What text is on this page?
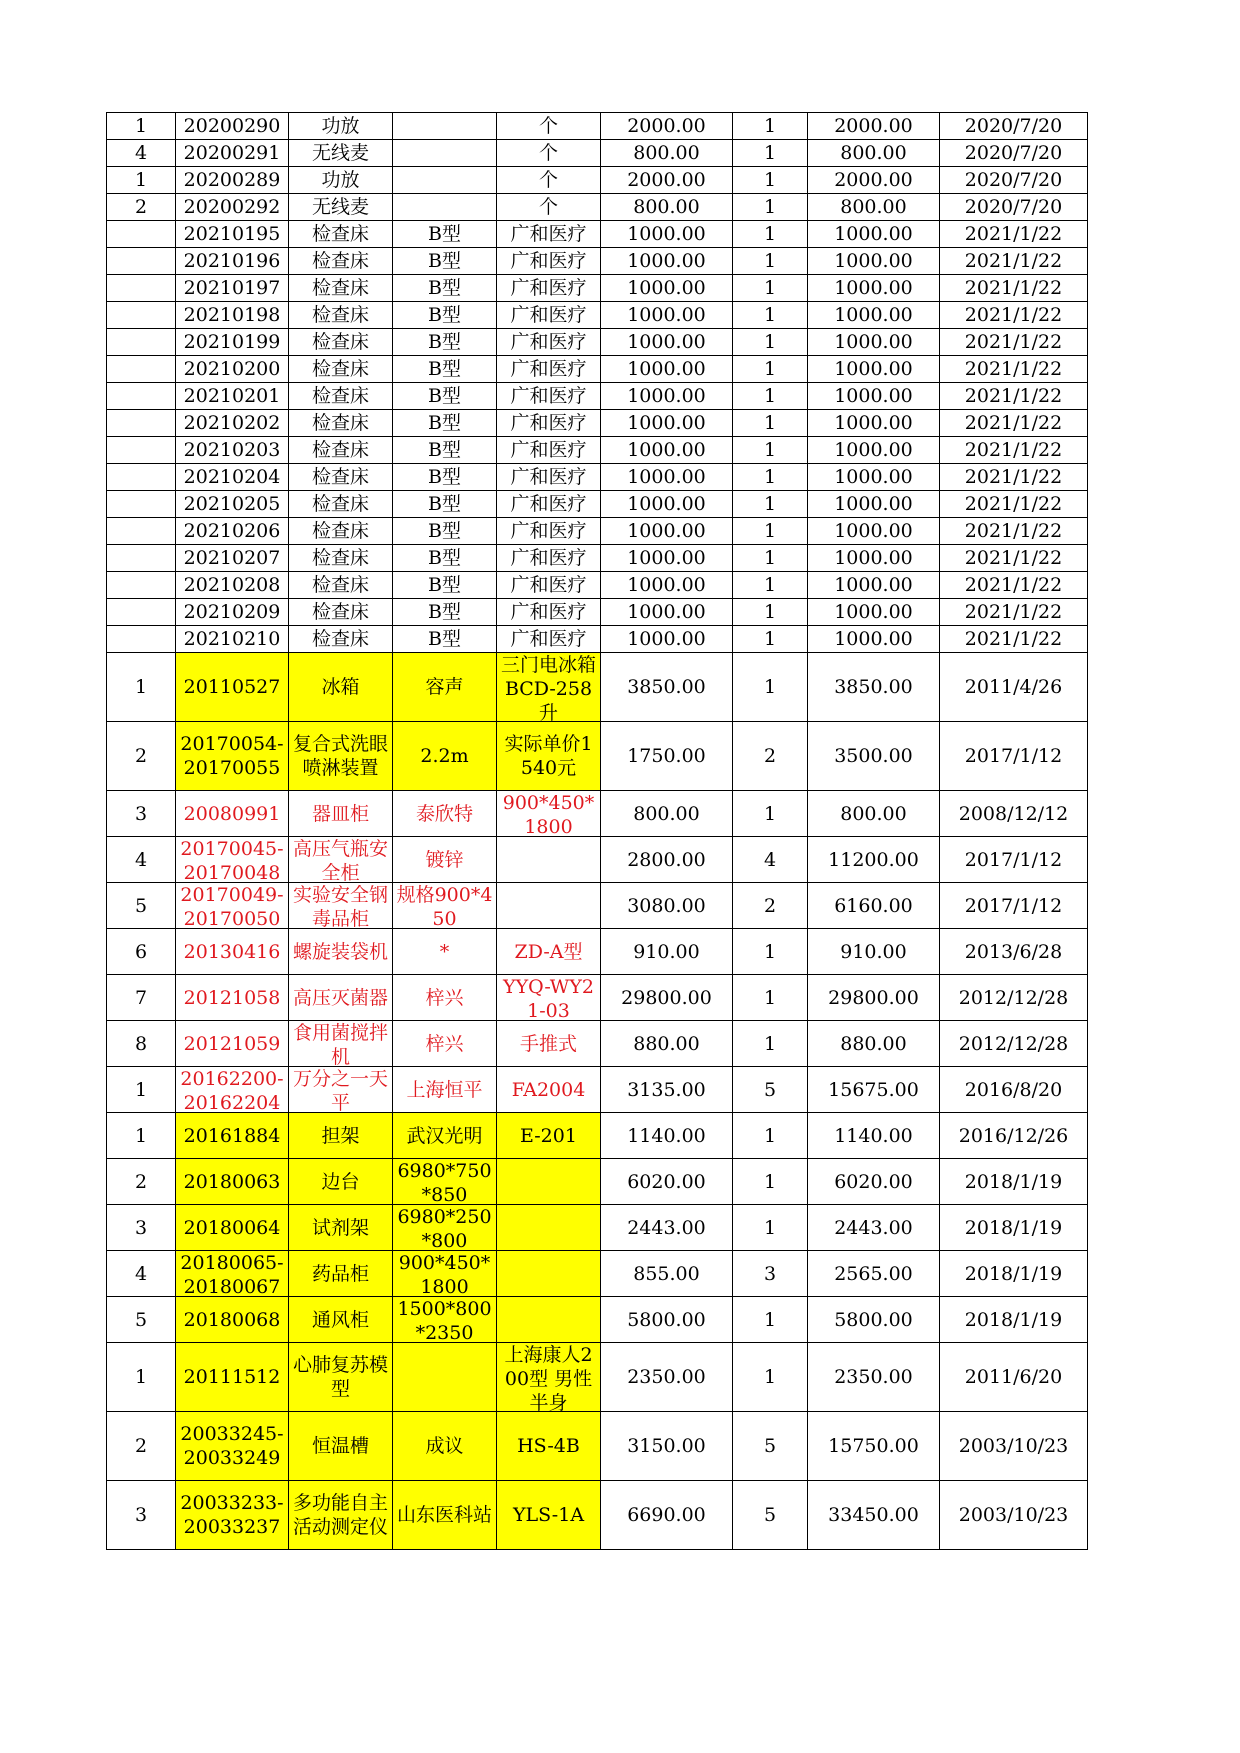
1	20200290	功放		个	2000.00	1	2000.00	2020/7/20

4	20200291	无线麦		个	800.00	1	800.00	2020/7/20

1	20200289	功放		个	2000.00	1	2000.00	2020/7/20

2	20200292	无线麦		个	800.00	1	800.00	2020/7/20

	20210195	检查床	B型	广和医疗	1000.00	1	1000.00	2021/1/22

	20210196	检查床	B型	广和医疗	1000.00	1	1000.00	2021/1/22

	20210197	检查床	B型	广和医疗	1000.00	1	1000.00	2021/1/22

	20210198	检查床	B型	广和医疗	1000.00	1	1000.00	2021/1/22

	20210199	检查床	B型	广和医疗	1000.00	1	1000.00	2021/1/22

	20210200	检查床	B型	广和医疗	1000.00	1	1000.00	2021/1/22

	20210201	检查床	B型	广和医疗	1000.00	1	1000.00	2021/1/22

	20210202	检查床	B型	广和医疗	1000.00	1	1000.00	2021/1/22

	20210203	检查床	B型	广和医疗	1000.00	1	1000.00	2021/1/22

	20210204	检查床	B型	广和医疗	1000.00	1	1000.00	2021/1/22

	20210205	检查床	B型	广和医疗	1000.00	1	1000.00	2021/1/22

	20210206	检查床	B型	广和医疗	1000.00	1	1000.00	2021/1/22

	20210207	检查床	B型	广和医疗	1000.00	1	1000.00	2021/1/22

	20210208	检查床	B型	广和医疗	1000.00	1	1000.00	2021/1/22

	20210209	检查床	B型	广和医疗	1000.00	1	1000.00	2021/1/22

	20210210	检查床	B型	广和医疗	1000.00	1	1000.00	2021/1/22

1	20110527	冰箱	容声	三门电冰箱BCD-258升	3850.00	1	3850.00	2011/4/26

2	20170054-20170055	复合式洗眼喷淋装置	2.2m	实际单价1540元	1750.00	2	3500.00	2017/1/12

3	20080991	器皿柜	泰欣特	900*450*1800	800.00	1	800.00	2008/12/12

4	20170045-20170048	高压气瓶安全柜	镀锌		2800.00	4	11200.00	2017/1/12

5	20170049-20170050	实验安全钢毒品柜	规格900*450		3080.00	2	6160.00	2017/1/12

6	20130416	螺旋装袋机	*	ZD-A型	910.00	1	910.00	2013/6/28

7	20121058	高压灭菌器	梓兴	YYQ-WY21-03	29800.00	1	29800.00	2012/12/28

8	20121059	食用菌搅拌机	梓兴	手推式	880.00	1	880.00	2012/12/28

1	20162200-20162204	万分之一天平	上海恒平	FA2004	3135.00	5	15675.00	2016/8/20

1	20161884	担架	武汉光明	E-201	1140.00	1	1140.00	2016/12/26

2	20180063	边台	6980*750*850		6020.00	1	6020.00	2018/1/19

3	20180064	试剂架	6980*250*800		2443.00	1	2443.00	2018/1/19

4	20180065-20180067	药品柜	900*450*1800		855.00	3	2565.00	2018/1/19

5	20180068	通风柜	1500*800*2350		5800.00	1	5800.00	2018/1/19

1	20111512	心肺复苏模型		上海康人200型 男性半身	2350.00	1	2350.00	2011/6/20

2	20033245-20033249	恒温槽	成议	HS-4B	3150.00	5	15750.00	2003/10/23

3	20033233-20033237	多功能自主活动测定仪	山东医科站	YLS-1A	6690.00	5	33450.00	2003/10/23
